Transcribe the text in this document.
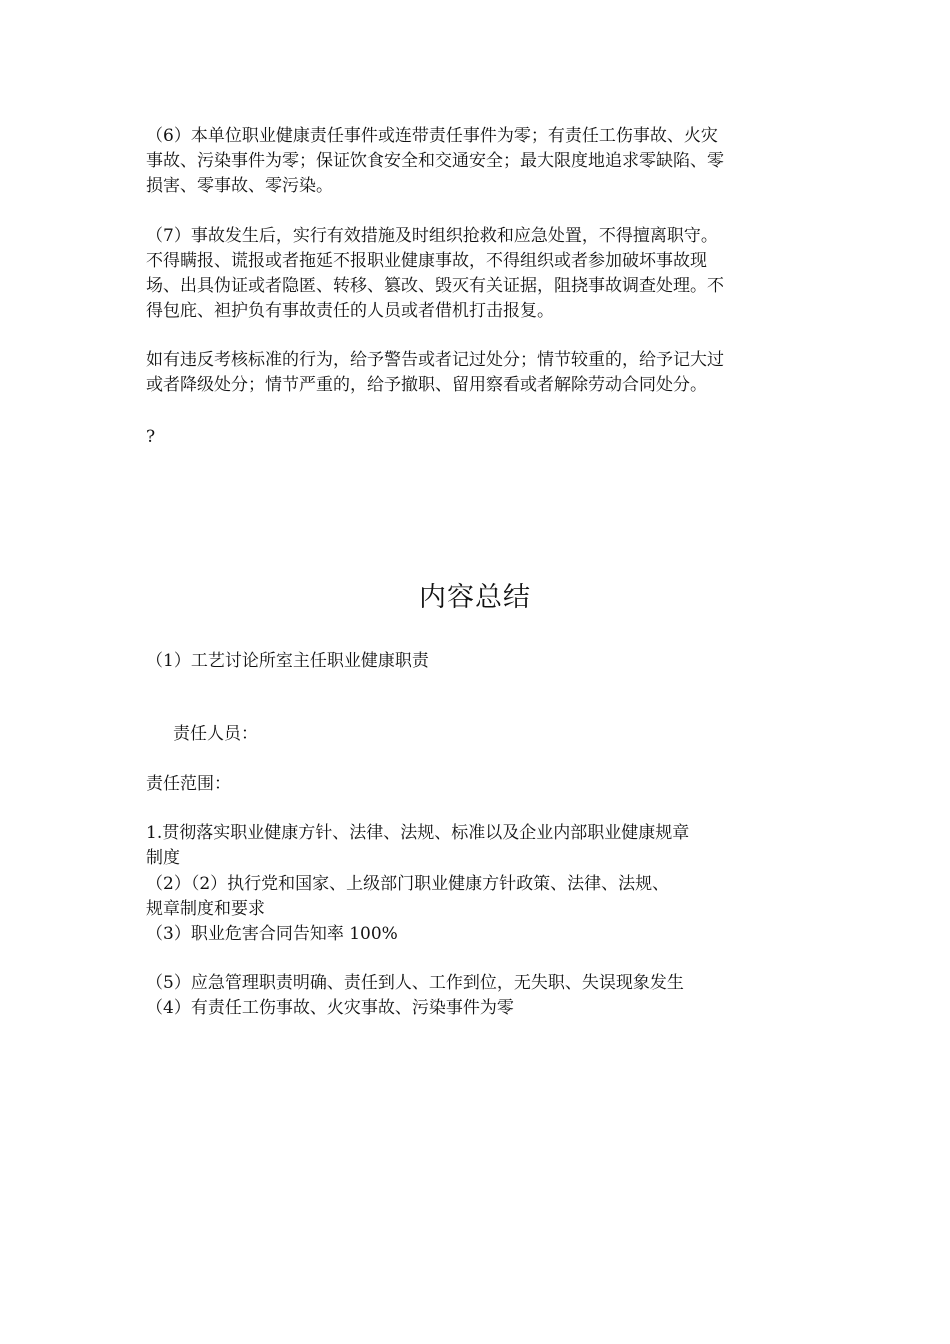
（6）本单位职业健康责任事件或连带责任事件为零；有责任工伤事故、火灾
事故、污染事件为零；保证饮食安全和交通安全；最大限度地追求零缺陷、零
损害、零事故、零污染。
（7）事故发生后，实行有效措施及时组织抢救和应急处置，不得擅离职守。
不得瞒报、谎报或者拖延不报职业健康事故，不得组织或者参加破坏事故现
场、出具伪证或者隐匿、转移、篡改、毁灭有关证据，阻挠事故调查处理。不
得包庇、袒护负有事故责任的人员或者借机打击报复。
如有违反考核标准的行为，给予警告或者记过处分；情节较重的，给予记大过
或者降级处分；情节严重的，给予撤职、留用察看或者解除劳动合同处分。
?
内容总结
（1）工艺讨论所室主任职业健康职责
责任人员：
责任范围：
1.贯彻落实职业健康方针、法律、法规、标准以及企业内部职业健康规章
制度
（2）（2）执行党和国家、上级部门职业健康方针政策、法律、法规、
规章制度和要求
（3）职业危害合同告知率 100%
（5）应急管理职责明确、责任到人、工作到位，无失职、失误现象发生
（4）有责任工伤事故、火灾事故、污染事件为零
